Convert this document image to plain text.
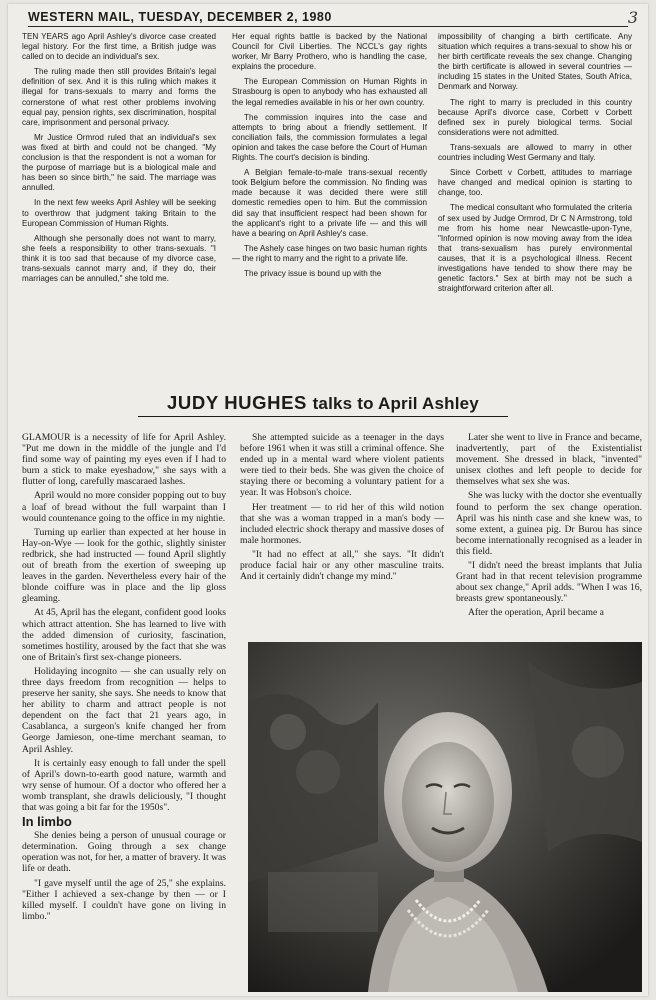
WESTERN MAIL, TUESDAY, DECEMBER 2, 1980	3

TEN YEARS ago April Ashley's divorce case created legal history. For the first time, a British judge was called on to decide an individual's sex.

The ruling made then still provides Britain's legal definition of sex. And it is this ruling which makes it illegal for trans-sexuals to marry and forms the cornerstone of what rest other problems involving equal pay, pension rights, sex discrimination, hospital care, imprisonment and personal privacy.

Mr Justice Ormrod ruled that an individual's sex was fixed at birth and could not be changed. "My conclusion is that the respondent is not a woman for the purpose of marriage but is a biological male and has been so since birth," he said. The marriage was annulled.

In the next few weeks April Ashley will be seeking to overthrow that judgment taking Britain to the European Commission of Human Rights.

Although she personally does not want to marry, she feels a responsibility to other trans-sexuals. "I think it is too sad that because of my divorce case, trans-sexuals cannot marry and, if they do, their marriages can be annulled," she told me.

Her equal rights battle is backed by the National Council for Civil Liberties. The NCCL's gay rights worker, Mr Barry Prothero, who is handling the case, explains the procedure.

The European Commission on Human Rights in Strasbourg is open to anybody who has exhausted all the legal remedies available in his or her own country.

The commission inquires into the case and attempts to bring about a friendly settlement. If conciliation fails, the commission formulates a legal opinion and takes the case before the Court of Human Rights. The court's decision is binding.

A Belgian female-to-male trans-sexual recently took Belgium before the commission. No finding was made because it was decided there were still domestic remedies open to him. But the commission did say that insufficient respect had been shown for the applicant's right to a private life — and this will have a bearing on April Ashley's case.

The Ashely case hinges on two basic human rights — the right to marry and the right to a private life.

The privacy issue is bound up with the

impossibility of changing a birth certificate. Any situation which requires a trans-sexual to show his or her birth certificate reveals the sex change. Changing the birth certificate is allowed in several countries — including 15 states in the United States, South Africa, Denmark and Norway.

The right to marry is precluded in this country because April's divorce case, Corbett v Corbett defined sex in purely biological terms. Social considerations were not admitted.

Trans-sexuals are allowed to marry in other countries including West Germany and Italy.

Since Corbett v Corbett, attitudes to marriage have changed and medical opinion is starting to change, too.

The medical consultant who formulated the criteria of sex used by Judge Ormrod, Dr C N Armstrong, told me from his home near Newcastle-upon-Tyne, "Informed opinion is now moving away from the idea that trans-sexualism has purely environmental causes, that it is a psychological illness. Recent investigations have tended to show there may be genetic factors." Sex at birth may not be such a straightforward criterion after all.

JUDY HUGHES talks to April Ashley

GLAMOUR is a necessity of life for April Ashley. "Put me down in the middle of the jungle and I'd find some way of painting my eyes even if I had to burn a stick to make eyeshadow," she says with a flutter of long, carefully mascaraed lashes.

April would no more consider popping out to buy a loaf of bread without the full warpaint than I would countenance going to the office in my nightie.

Turning up earlier than expected at her house in Hay-on-Wye — look for the gothic, slightly sinister redbrick, she had instructed — found April slightly out of breath from the exertion of sweeping up leaves in the garden. Nevertheless every hair of the blonde coiffure was in place and the lip gloss gleaming.

At 45, April has the elegant, confident good looks which attract attention. She has learned to live with the added dimension of curiosity, fascination, sometimes hostility, aroused by the fact that she was one of Britain's first sex-change pioneers.

Holidaying incognito — she can usually rely on three days freedom from recognition — helps to preserve her sanity, she says. She needs to know that her ability to charm and attract people is not dependent on the fact that 21 years ago, in Casablanca, a surgeon's knife changed her from George Jamieson, one-time merchant seaman, to April Ashley.

It is certainly easy enough to fall under the spell of April's down-to-earth good nature, warmth and wry sense of humour. Of a doctor who offered her a womb transplant, she drawls deliciously, "I thought that was going a bit far for the 1950s".

In limbo

She denies being a person of unusual courage or determination. Going through a sex change operation was not, for her, a matter of bravery. It was life or death.

"I gave myself until the age of 25," she explains. "Either I achieved a sex-change by then — or I killed myself. I couldn't have gone on living in limbo."

She attempted suicide as a teenager in the days before 1961 when it was still a criminal offence. She ended up in a mental ward where violent patients were tied to their beds. She was given the choice of staying there or becoming a voluntary patient for a year. It was Hobson's choice.

Her treatment — to rid her of this wild notion that she was a woman trapped in a man's body — included electric shock therapy and massive doses of male hormones.

"It had no effect at all," she says. "It didn't produce facial hair or any other masculine traits. And it certainly didn't change my mind."

Later she went to live in France and became, inadvertently, part of the Existentialist movement. She dressed in black, "invented" unisex clothes and left people to decide for themselves what sex she was.

She was lucky with the doctor she eventually found to perform the sex change operation. April was his ninth case and she knew was, to some extent, a guinea pig. Dr Burou has since become internationally recognised as a leader in this field.

"I didn't need the breast implants that Julia Grant had in that recent television programme about sex change," April adds. "When I was 16, breasts grew spontaneously."

After the operation, April became a
